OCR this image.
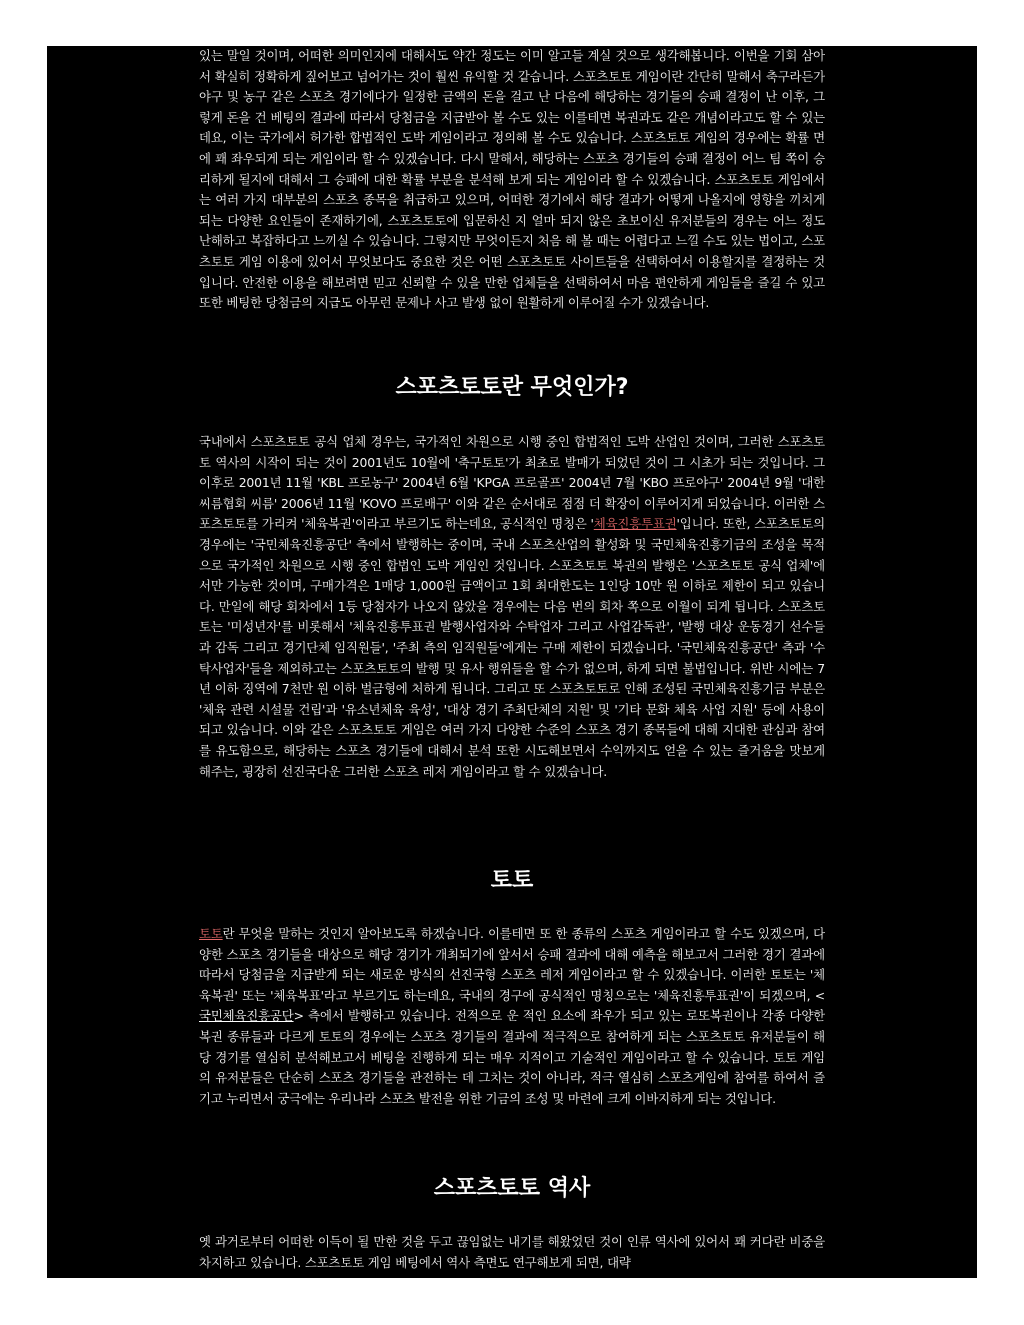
있는 말일 것이며, 어떠한 의미인지에 대해서도 약간 정도는 이미 알고들 계실 것으로 생각해봅니다. 이번을 기회 삼아서 확실히 정확하게 짚어보고 넘어가는 것이 훨씬 유익할 것 같습니다. 스포츠토토 게임이란 간단히 말해서 축구라든가 야구 및 농구 같은 스포츠 경기에다가 일정한 금액의 돈을 걸고 난 다음에 해당하는 경기들의 승패 결정이 난 이후, 그렇게 돈을 건 베팅의 결과에 따라서 당첨금을 지급받아 볼 수도 있는 이를테면 복권과도 같은 개념이라고도 할 수 있는데요, 이는 국가에서 허가한 합법적인 도박 게임이라고 정의해 볼 수도 있습니다. 스포츠토토 게임의 경우에는 확률 면에 꽤 좌우되게 되는 게임이라 할 수 있겠습니다. 다시 말해서, 해당하는 스포츠 경기들의 승패 결정이 어느 팀 쪽이 승리하게 될지에 대해서 그 승패에 대한 확률 부분을 분석해 보게 되는 게임이라 할 수 있겠습니다. 스포츠토토 게임에서는 여러 가지 대부분의 스포츠 종목을 취급하고 있으며, 어떠한 경기에서 해당 결과가 어떻게 나올지에 영향을 끼치게 되는 다양한 요인들이 존재하기에, 스포츠토토에 입문하신 지 얼마 되지 않은 초보이신 유저분들의 경우는 어느 정도 난해하고 복잡하다고 느끼실 수 있습니다. 그렇지만 무엇이든지 처음 해 볼 때는 어렵다고 느낄 수도 있는 법이고, 스포츠토토 게임 이용에 있어서 무엇보다도 중요한 것은 어떤 스포츠토토 사이트들을 선택하여서 이용할지를 결정하는 것입니다. 안전한 이용을 해보려면 믿고 신뢰할 수 있을 만한 업체들을 선택하여서 마음 편안하게 게임들을 즐길 수 있고 또한 베팅한 당첨금의 지급도 아무런 문제나 사고 발생 없이 원활하게 이루어질 수가 있겠습니다.

스포츠토토란 무엇인가?

국내에서 스포츠토토 공식 업체 경우는, 국가적인 차원으로 시행 중인 합법적인 도박 산업인 것이며, 그러한 스포츠토토 역사의 시작이 되는 것이 2001년도 10월에 '축구토토'가 최초로 발매가 되었던 것이 그 시초가 되는 것입니다. 그 이후로 2001년 11월 'KBL 프로농구' 2004년 6월 'KPGA 프로골프' 2004년 7월 'KBO 프로야구' 2004년 9월 '대한씨름협회 씨름' 2006년 11월 'KOVO 프로배구' 이와 같은 순서대로 점점 더 확장이 이루어지게 되었습니다. 이러한 스포츠토토를 가리켜 '체육복권'이라고 부르기도 하는데요, 공식적인 명칭은 '체육진흥투표권'입니다. 또한, 스포츠토토의 경우에는 '국민체육진흥공단' 측에서 발행하는 중이며, 국내 스포츠산업의 활성화 및 국민체육진흥기금의 조성을 목적으로 국가적인 차원으로 시행 중인 합법인 도박 게임인 것입니다. 스포츠토토 복권의 발행은 '스포츠토토 공식 업체'에서만 가능한 것이며, 구매가격은 1매당 1,000원 금액이고 1회 최대한도는 1인당 10만 원 이하로 제한이 되고 있습니다. 만일에 해당 회차에서 1등 당첨자가 나오지 않았을 경우에는 다음 번의 회차 쪽으로 이월이 되게 됩니다. 스포츠토토는 '미성년자'를 비롯해서 '체육진흥투표권 발행사업자와 수탁업자 그리고 사업감독관', '발행 대상 운동경기 선수들과 감독 그리고 경기단체 임직원들', '주최 측의 임직원들'에게는 구매 제한이 되겠습니다. '국민체육진흥공단' 측과 '수탁사업자'들을 제외하고는 스포츠토토의 발행 및 유사 행위들을 할 수가 없으며, 하게 되면 불법입니다. 위반 시에는 7년 이하 징역에 7천만 원 이하 벌금형에 처하게 됩니다. 그리고 또 스포츠토토로 인해 조성된 국민체육진흥기금 부분은 '체육 관련 시설물 건립'과 '유소년체육 육성', '대상 경기 주최단체의 지원' 및 '기타 문화 체육 사업 지원' 등에 사용이 되고 있습니다. 이와 같은 스포츠토토 게임은 여러 가지 다양한 수준의 스포츠 경기 종목들에 대해 지대한 관심과 참여를 유도함으로, 해당하는 스포츠 경기들에 대해서 분석 또한 시도해보면서 수익까지도 얻을 수 있는 즐거움을 맛보게 해주는, 굉장히 선진국다운 그러한 스포츠 레저 게임이라고 할 수 있겠습니다.

토토

토토란 무엇을 말하는 것인지 알아보도록 하겠습니다. 이를테면 또 한 종류의 스포츠 게임이라고 할 수도 있겠으며, 다양한 스포츠 경기들을 대상으로 해당 경기가 개최되기에 앞서서 승패 결과에 대해 예측을 해보고서 그러한 경기 결과에 따라서 당첨금을 지급받게 되는 새로운 방식의 선진국형 스포츠 레저 게임이라고 할 수 있겠습니다. 이러한 토토는 '체육복권' 또는 '체육복표'라고 부르기도 하는데요, 국내의 경구에 공식적인 명칭으로는 '체육진흥투표권'이 되겠으며, <국민체육진흥공단> 측에서 발행하고 있습니다. 전적으로 운 적인 요소에 좌우가 되고 있는 로또복권이나 각종 다양한 복권 종류들과 다르게 토토의 경우에는 스포츠 경기들의 결과에 적극적으로 참여하게 되는 스포츠토토 유저분들이 해당 경기를 열심히 분석해보고서 베팅을 진행하게 되는 매우 지적이고 기술적인 게임이라고 할 수 있습니다. 토토 게임의 유저분들은 단순히 스포츠 경기들을 관전하는 데 그치는 것이 아니라, 적극 열심히 스포츠게임에 참여를 하여서 즐기고 누리면서 궁극에는 우리나라 스포츠 발전을 위한 기금의 조성 및 마련에 크게 이바지하게 되는 것입니다.

스포츠토토 역사

옛 과거로부터 어떠한 이득이 될 만한 것을 두고 끊임없는 내기를 해왔었던 것이 인류 역사에 있어서 꽤 커다란 비중을 차지하고 있습니다. 스포츠토토 게임 베팅에서 역사 측면도 연구해보게 되면, 대략
